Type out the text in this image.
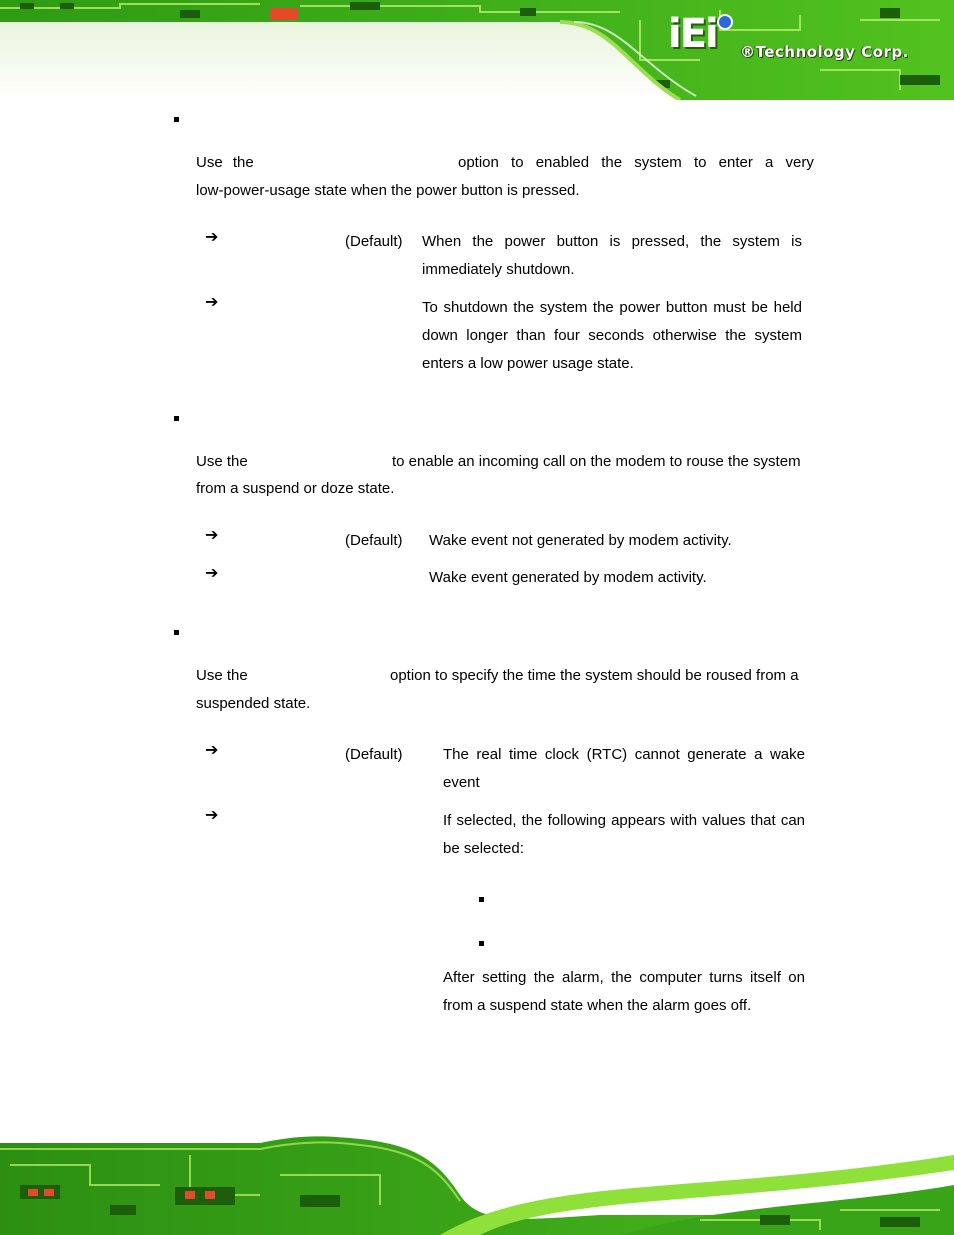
iEi ®Technology Corp.
Use the	option to enabled the system to enter a very
low-power-usage state when the power button is pressed.
➔	(Default) When the power button is pressed, the system is immediately shutdown.

➔	To shutdown the system the power button must be held down longer than four seconds otherwise the system enters a low power usage state.

Use the	to enable an incoming call on the modem to rouse the system
from a suspend or doze state.
➔	(Default) Wake event not generated by modem activity.

➔	Wake event generated by modem activity.

Use the	option to specify the time the system should be roused from a
suspended state.
➔	(Default)	The real time clock (RTC) cannot generate a wake event

➔	If selected, the following appears with values that can be selected:

After setting the alarm, the computer turns itself on from a suspend state when the alarm goes off.
